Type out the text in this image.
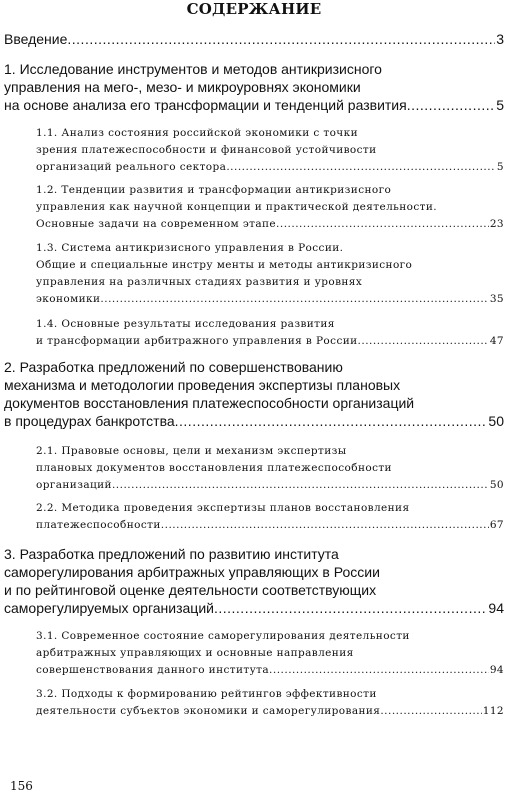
СОДЕРЖАНИЕ
Введение .....	3
1. Исследование инструментов и методов антикризисного
управления на мего-, мезо- и микроуровнях экономики
на основе анализа его трансформации и тенденций развития .....	5
1.1. Анализ состояния российской экономики с точки
зрения платежеспособности и финансовой устойчивости
организаций реального сектора .....	5
1.2. Тенденции развития и трансформации антикризисного
управления как научной концепции и практической деятельности.
Основные задачи на современном этапе .....	23
1.3. Система антикризисного управления в России.
Общие и специальные инстру менты и методы антикризисного
управления на различных стадиях развития и уровнях
экономики .....	35
1.4. Основные результаты исследования развития
и трансформации арбитражного управления в России .....	47
2. Разработка предложений по совершенствованию
механизма и методологии проведения экспертизы плановых
документов восстановления платежеспособности организаций
в процедурах банкротства .....	50
2.1. Правовые основы, цели и механизм экспертизы
плановых документов восстановления платежеспособности
организаций .....	50
2.2. Методика проведения экспертизы планов восстановления
платежеспособности .....	67
3. Разработка предложений по развитию института
саморегулирования арбитражных управляющих в России
и по рейтинговой оценке деятельности соответствующих
саморегулируемых организаций .....	94
3.1. Современное состояние саморегулирования деятельности
арбитражных управляющих и основные направления
совершенствования данного института .....	94
3.2. Подходы к формированию рейтингов эффективности
деятельности субъектов экономики и саморегулирования .....	112
156
